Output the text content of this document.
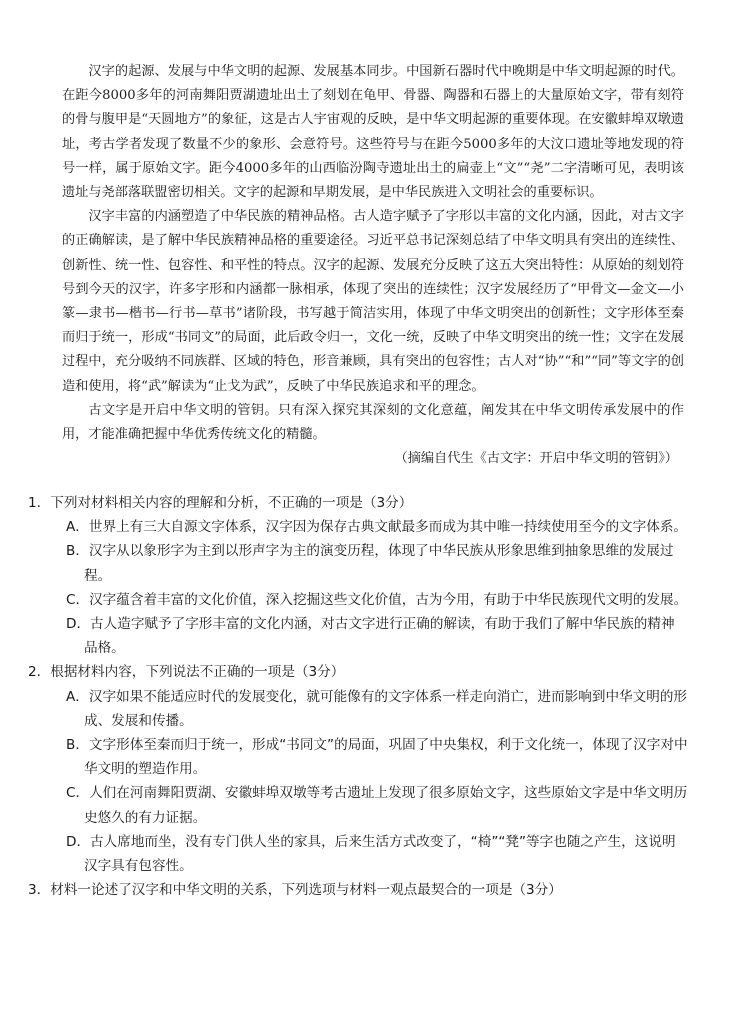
汉字的起源、发展与中华文明的起源、发展基本同步。中国新石器时代中晚期是中华文明起源的时代。在距今8000多年的河南舞阳贾湖遗址出土了刻划在龟甲、骨器、陶器和石器上的大量原始文字，带有刻符的骨与腹甲是“天圆地方”的象征，这是古人宇宙观的反映，是中华文明起源的重要体现。在安徽蚌埠双墩遗址，考古学者发现了数量不少的象形、会意符号。这些符号与在距今5000多年的大汶口遗址等地发现的符号一样，属于原始文字。距今4000多年的山西临汾陶寺遗址出土的扁壶上“文”“尧”二字清晰可见，表明该遗址与尧部落联盟密切相关。文字的起源和早期发展，是中华民族进入文明社会的重要标识。

汉字丰富的内涵塑造了中华民族的精神品格。古人造字赋予了字形以丰富的文化内涵，因此，对古文字的正确解读，是了解中华民族精神品格的重要途径。习近平总书记深刻总结了中华文明具有突出的连续性、创新性、统一性、包容性、和平性的特点。汉字的起源、发展充分反映了这五大突出特性：从原始的刻划符号到今天的汉字，许多字形和内涵都一脉相承，体现了突出的连续性；汉字发展经历了“甲骨文—金文—小篆—隶书—楷书—行书—草书”诸阶段，书写越于简洁实用，体现了中华文明突出的创新性；文字形体至秦而归于统一，形成“书同文”的局面，此后政令归一，文化一统，反映了中华文明突出的统一性；文字在发展过程中，充分吸纳不同族群、区域的特色，形音兼顾，具有突出的包容性；古人对“协”“和”“同”等文字的创造和使用，将“武”解读为“止戈为武”，反映了中华民族追求和平的理念。

古文字是开启中华文明的管钥。只有深入探究其深刻的文化意蕴，阐发其在中华文明传承发展中的作用，才能准确把握中华优秀传统文化的精髓。

（摘编自代生《古文字：开启中华文明的管钥》）

1．下列对材料相关内容的理解和分析，不正确的一项是（3分）

A．世界上有三大自源文字体系，汉字因为保存古典文献最多而成为其中唯一持续使用至今的文字体系。

B．汉字从以象形字为主到以形声字为主的演变历程，体现了中华民族从形象思维到抽象思维的发展过程。

C．汉字蕴含着丰富的文化价值，深入挖掘这些文化价值，古为今用，有助于中华民族现代文明的发展。

D．古人造字赋予了字形丰富的文化内涵，对古文字进行正确的解读，有助于我们了解中华民族的精神品格。

2．根据材料内容，下列说法不正确的一项是（3分）

A．汉字如果不能适应时代的发展变化，就可能像有的文字体系一样走向消亡，进而影响到中华文明的形成、发展和传播。

B．文字形体至秦而归于统一，形成“书同文”的局面，巩固了中央集权，利于文化统一，体现了汉字对中华文明的塑造作用。

C．人们在河南舞阳贾湖、安徽蚌埠双墩等考古遗址上发现了很多原始文字，这些原始文字是中华文明历史悠久的有力证据。

D．古人席地而坐，没有专门供人坐的家具，后来生活方式改变了，“椅”“凳”等字也随之产生，这说明汉字具有包容性。

3．材料一论述了汉字和中华文明的关系，下列选项与材料一观点最契合的一项是（3分）
